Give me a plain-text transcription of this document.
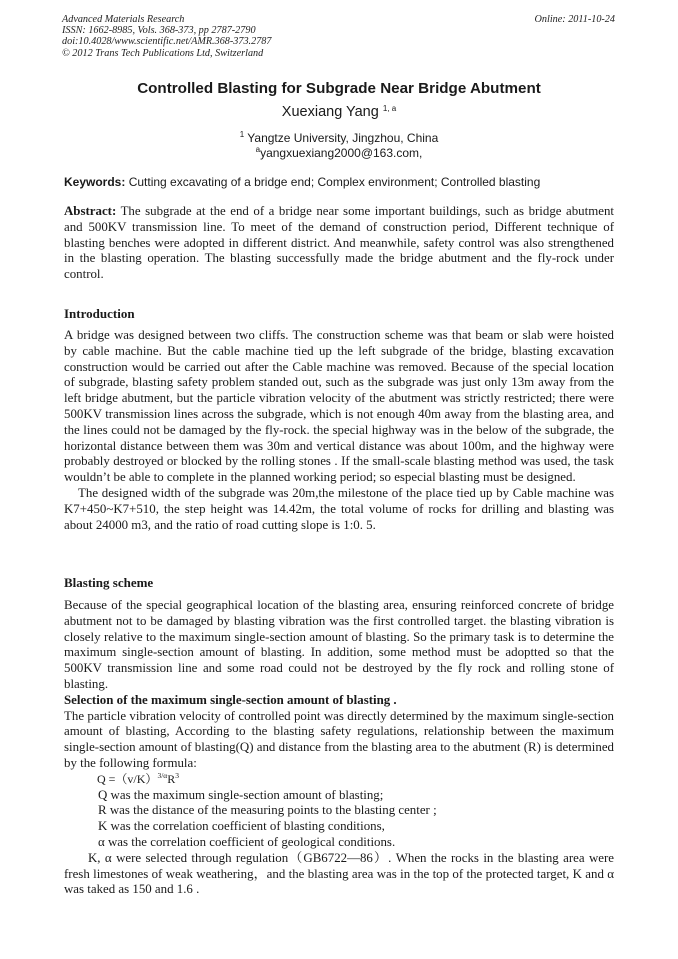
Advanced Materials Research
ISSN: 1662-8985, Vols. 368-373, pp 2787-2790
doi:10.4028/www.scientific.net/AMR.368-373.2787
© 2012 Trans Tech Publications Ltd, Switzerland
Online: 2011-10-24
Controlled Blasting for Subgrade Near Bridge Abutment
Xuexiang Yang $^{1, a}$
$^1$ Yangtze University, Jingzhou, China
$^a$yangxuexiang2000@163.com,
Keywords: Cutting excavating of a bridge end; Complex environment; Controlled blasting

Abstract: The subgrade at the end of a bridge near some important buildings, such as bridge abutment and 500KV transmission line. To meet of the demand of construction period, Different technique of blasting benches were adopted in different district. And meanwhile, safety control was also strengthened in the blasting operation. The blasting successfully made the bridge abutment and the fly-rock under control.

Introduction

A bridge was designed between two cliffs. The construction scheme was that beam or slab were hoisted by cable machine. But the cable machine tied up the left subgrade of the bridge, blasting excavation construction would be carried out after the Cable machine was removed. Because of the special location of subgrade, blasting safety problem standed out, such as the subgrade was just only 13m away from the left bridge abutment, but the particle vibration velocity of the abutment was strictly restricted; there were 500KV transmission lines across the subgrade, which is not enough 40m away from the blasting area, and the lines could not be damaged by the fly-rock. the special highway was in the below of the subgrade, the horizontal distance between them was 30m and vertical distance was about 100m, and the highway were probably destroyed or blocked by the rolling stones . If the small-scale blasting method was used, the task wouldn’t be able to complete in the planned working period; so especial blasting must be designed.

The designed width of the subgrade was 20m,the milestone of the place tied up by Cable machine was K7+450~K7+510, the step height was 14.42m, the total volume of rocks for drilling and blasting was about 24000 m3, and the ratio of road cutting slope is 1:0. 5.

Blasting scheme

Because of the special geographical location of the blasting area, ensuring reinforced concrete of bridge abutment not to be damaged by blasting vibration was the first controlled target. the blasting vibration is closely relative to the maximum single-section amount of blasting. So the primary task is to determine the maximum single-section amount of blasting. In addition, some method must be adoptted so that the 500KV transmission line and some road could not be destroyed by the fly rock and rolling stone of blasting.

Selection of the maximum single-section amount of blasting .

The particle vibration velocity of controlled point was directly determined by the maximum single-section amount of blasting, According to the blasting safety regulations, relationship between the maximum single-section amount of blasting(Q) and distance from the blasting area to the abutment (R) is determined by the following formula:

$Q =(v/K)^{3/\alpha}R^3$

Q was the maximum single-section amount of blasting;

R was the distance of the measuring points to the blasting center ;

K was the correlation coefficient of blasting conditions,

α was the correlation coefficient of geological conditions.

K, α were selected through regulation（GB6722—86）. When the rocks in the blasting area were fresh limestones of weak weathering，and the blasting area was in the top of the protected target, K and α was taked as 150 and 1.6 .
